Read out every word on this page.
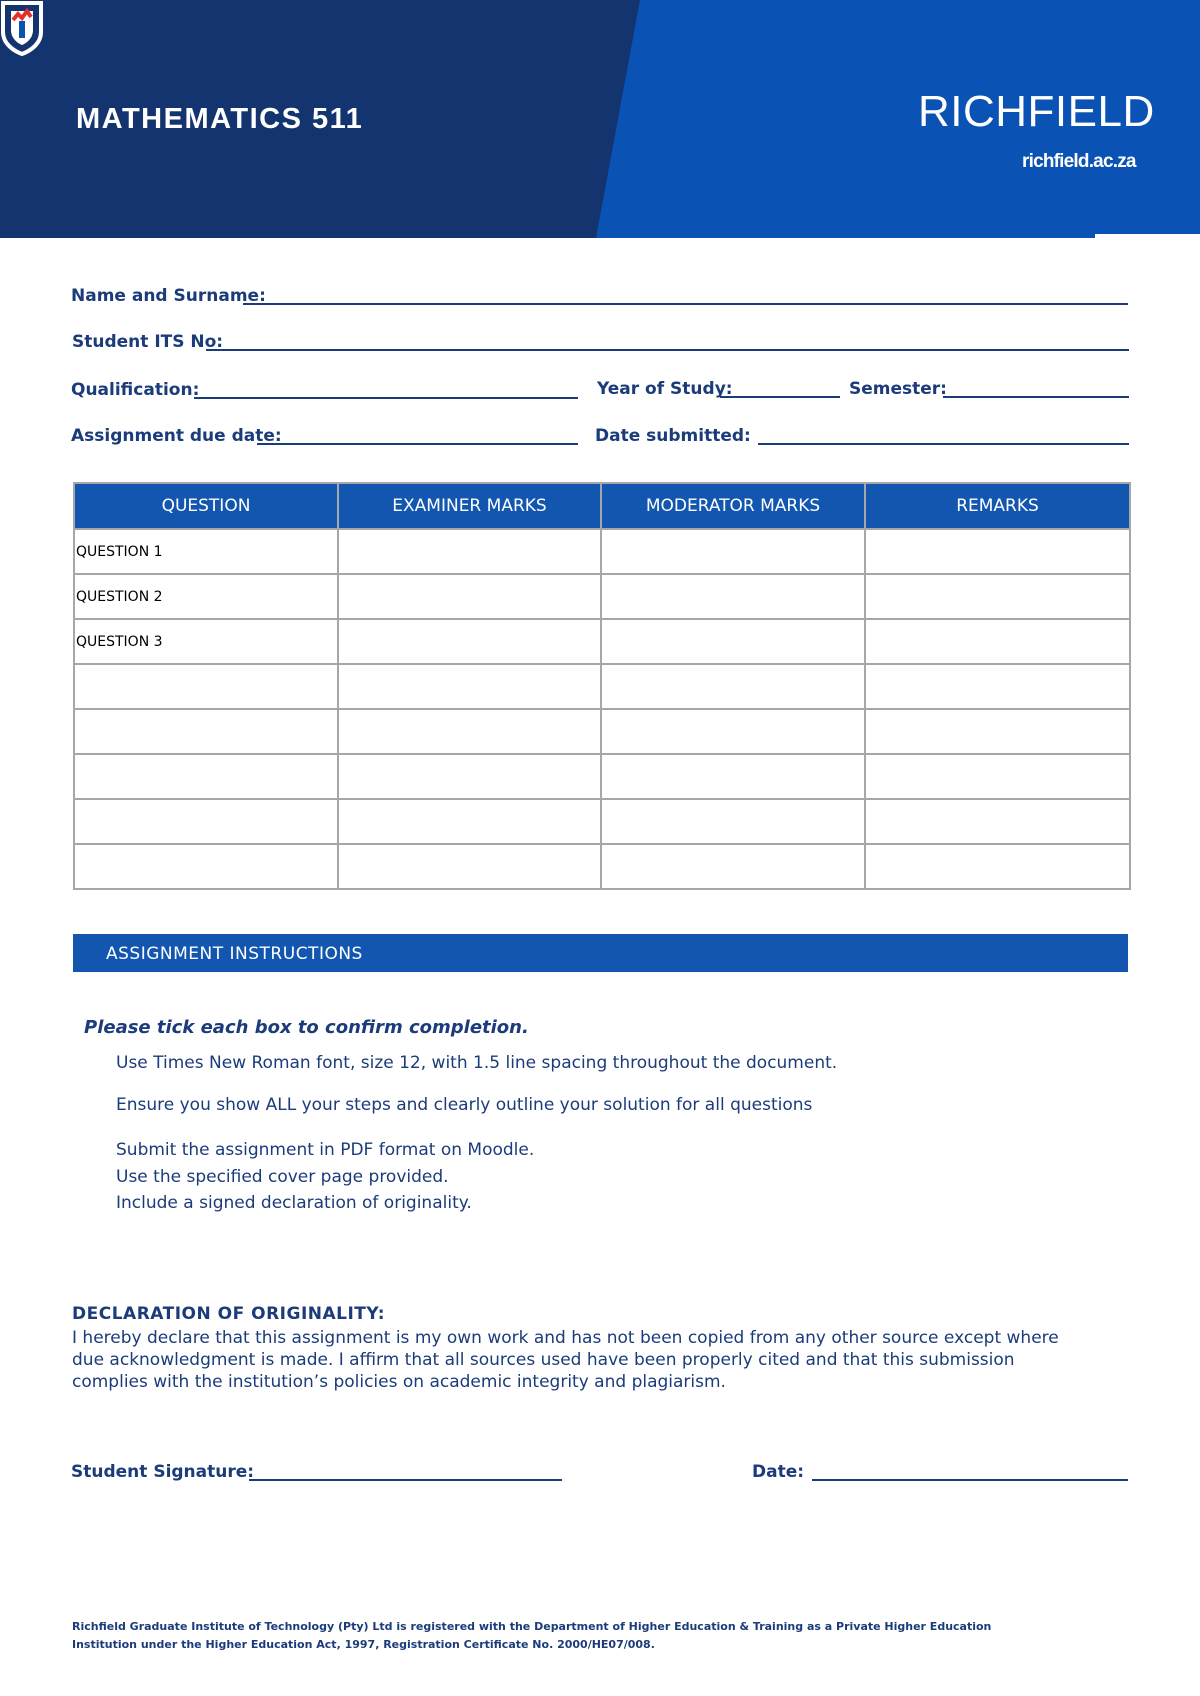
MATHEMATICS 511	RICHFIELD
richfield.ac.za
Name and Surname:
Student ITS No:
Qualification:	Year of Study:	Semester:
Assignment due date:	Date submitted:
QUESTION	EXAMINER MARKS	MODERATOR MARKS	REMARKS
QUESTION 1			
QUESTION 2			
QUESTION 3			

ASSIGNMENT INSTRUCTIONS
Please tick each box to confirm completion.
Use Times New Roman font, size 12, with 1.5 line spacing throughout the document.
Ensure you show ALL your steps and clearly outline your solution for all questions
Submit the assignment in PDF format on Moodle.
Use the specified cover page provided.
Include a signed declaration of originality.
DECLARATION OF ORIGINALITY:
I hereby declare that this assignment is my own work and has not been copied from any other source except where due acknowledgment is made. I affirm that all sources used have been properly cited and that this submission complies with the institution’s policies on academic integrity and plagiarism.
Student Signature:	Date:
Richfield Graduate Institute of Technology (Pty) Ltd is registered with the Department of Higher Education & Training as a Private Higher Education Institution under the Higher Education Act, 1997, Registration Certificate No. 2000/HE07/008.
